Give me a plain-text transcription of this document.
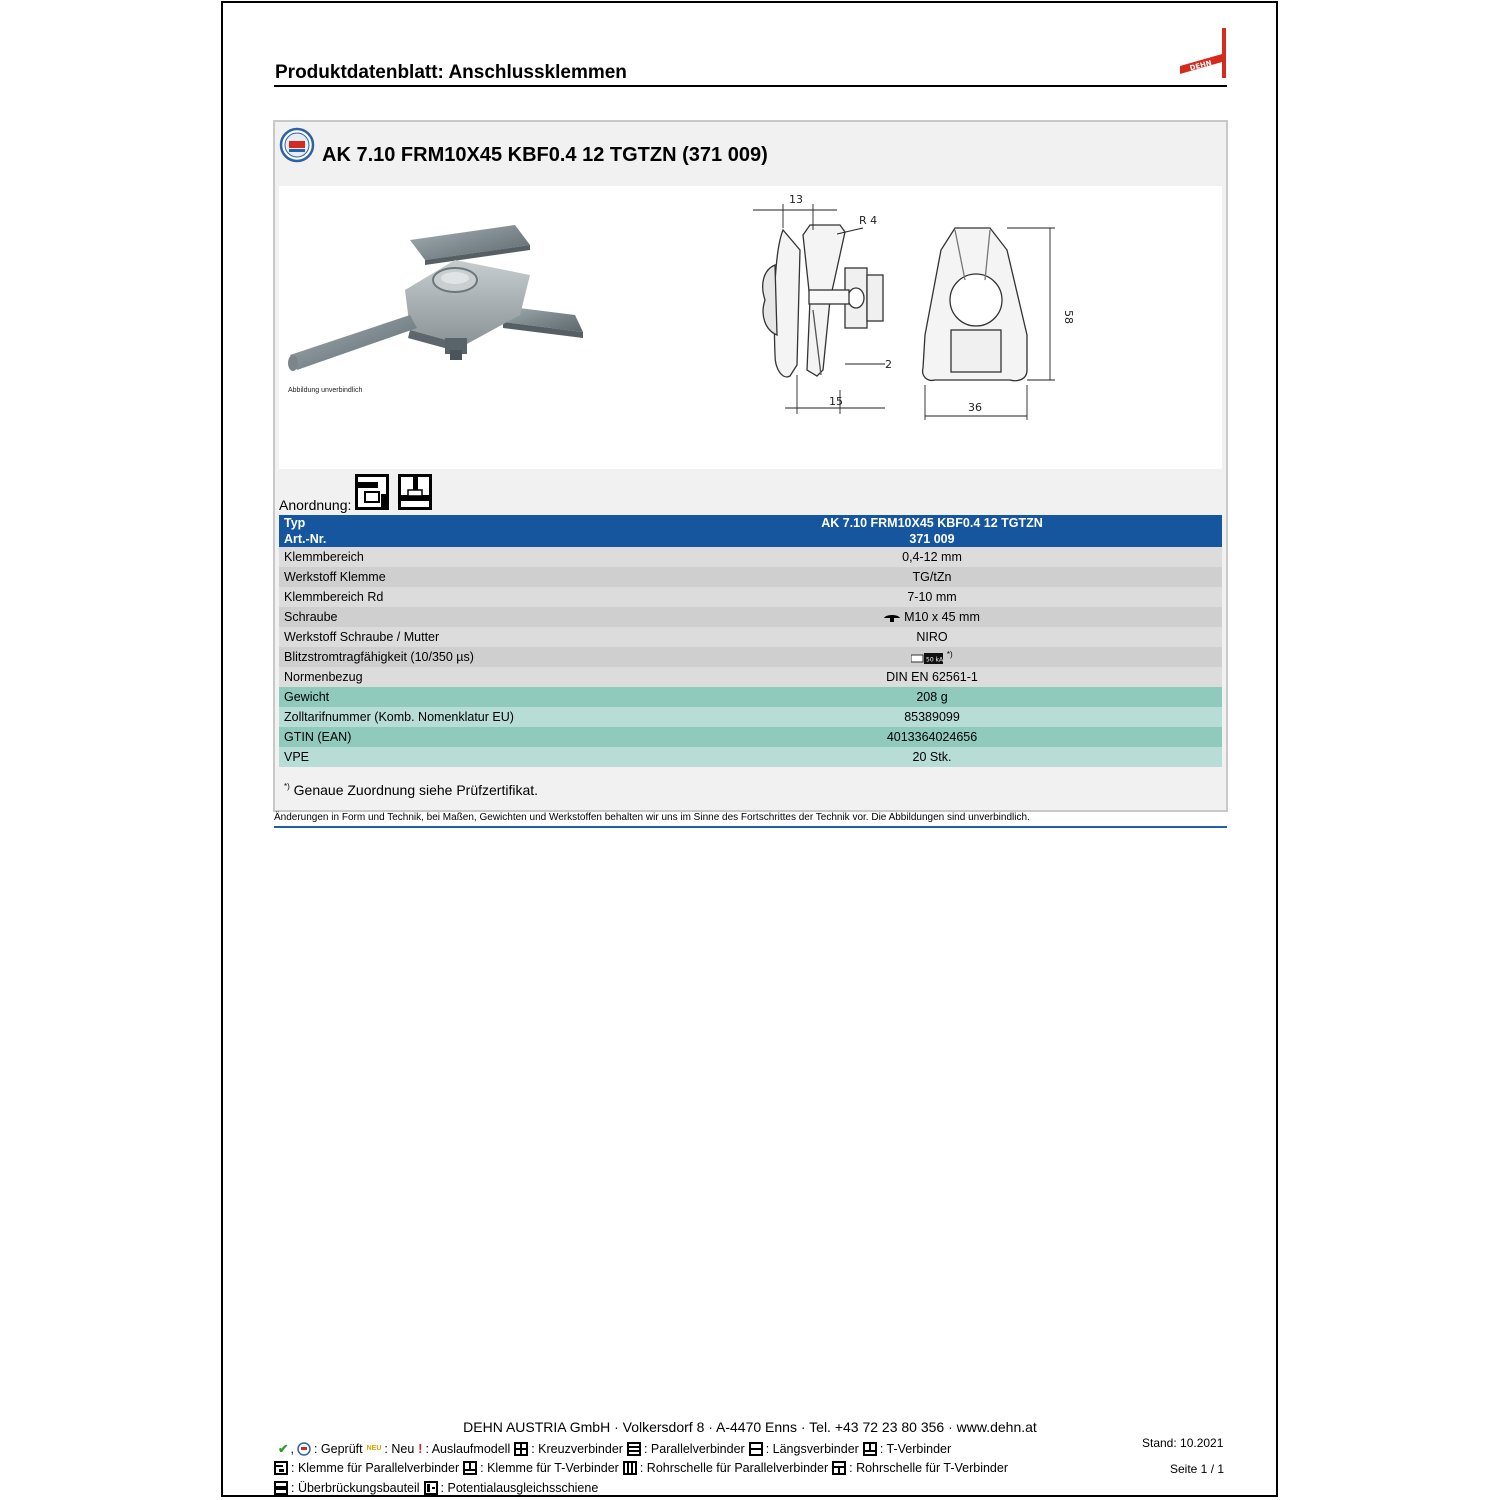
Produktdatenblatt: Anschlussklemmen	DEHN
AK 7.10 FRM10X45 KBF0.4 12 TGTZN (371 009)
Abbildung unverbindlich
13
R 4
58
2
15	36
Anordnung:
Typ	AK 7.10 FRM10X45 KBF0.4 12 TGTZN
Art.-Nr.	371 009
Klemmbereich	0,4-12 mm
Werkstoff Klemme	TG/tZn
Klemmbereich Rd	7-10 mm
Schraube	M10 x 45 mm
Werkstoff Schraube / Mutter	NIRO
Blitzstromtragfähigkeit (10/350 µs)	50 kA
*)
Normenbezug	DIN EN 62561-1
Gewicht	208 g
Zolltarifnummer (Komb. Nomenklatur EU)	85389099
GTIN (EAN)	4013364024656
VPE	20 Stk.
*) Genaue Zuordnung siehe Prüfzertifikat.
Änderungen in Form und Technik, bei Maßen, Gewichten und Werkstoffen behalten wir uns im Sinne des Fortschrittes der Technik vor. Die Abbildungen sind unverbindlich.
DEHN AUSTRIA GmbH · Volkersdorf 8 · A-4470 Enns · Tel. +43 72 23 80 356 · www.dehn.at
Stand: 10.2021
Seite 1 / 1
✔ , : Geprüft NEU : Neu ! : Auslaufmodell : Kreuzverbinder : Parallelverbinder : Längsverbinder : T-Verbinder
: Klemme für Parallelverbinder : Klemme für T-Verbinder : Rohrschelle für Parallelverbinder : Rohrschelle für T-Verbinder
: Überbrückungsbauteil : Potentialausgleichsschiene
